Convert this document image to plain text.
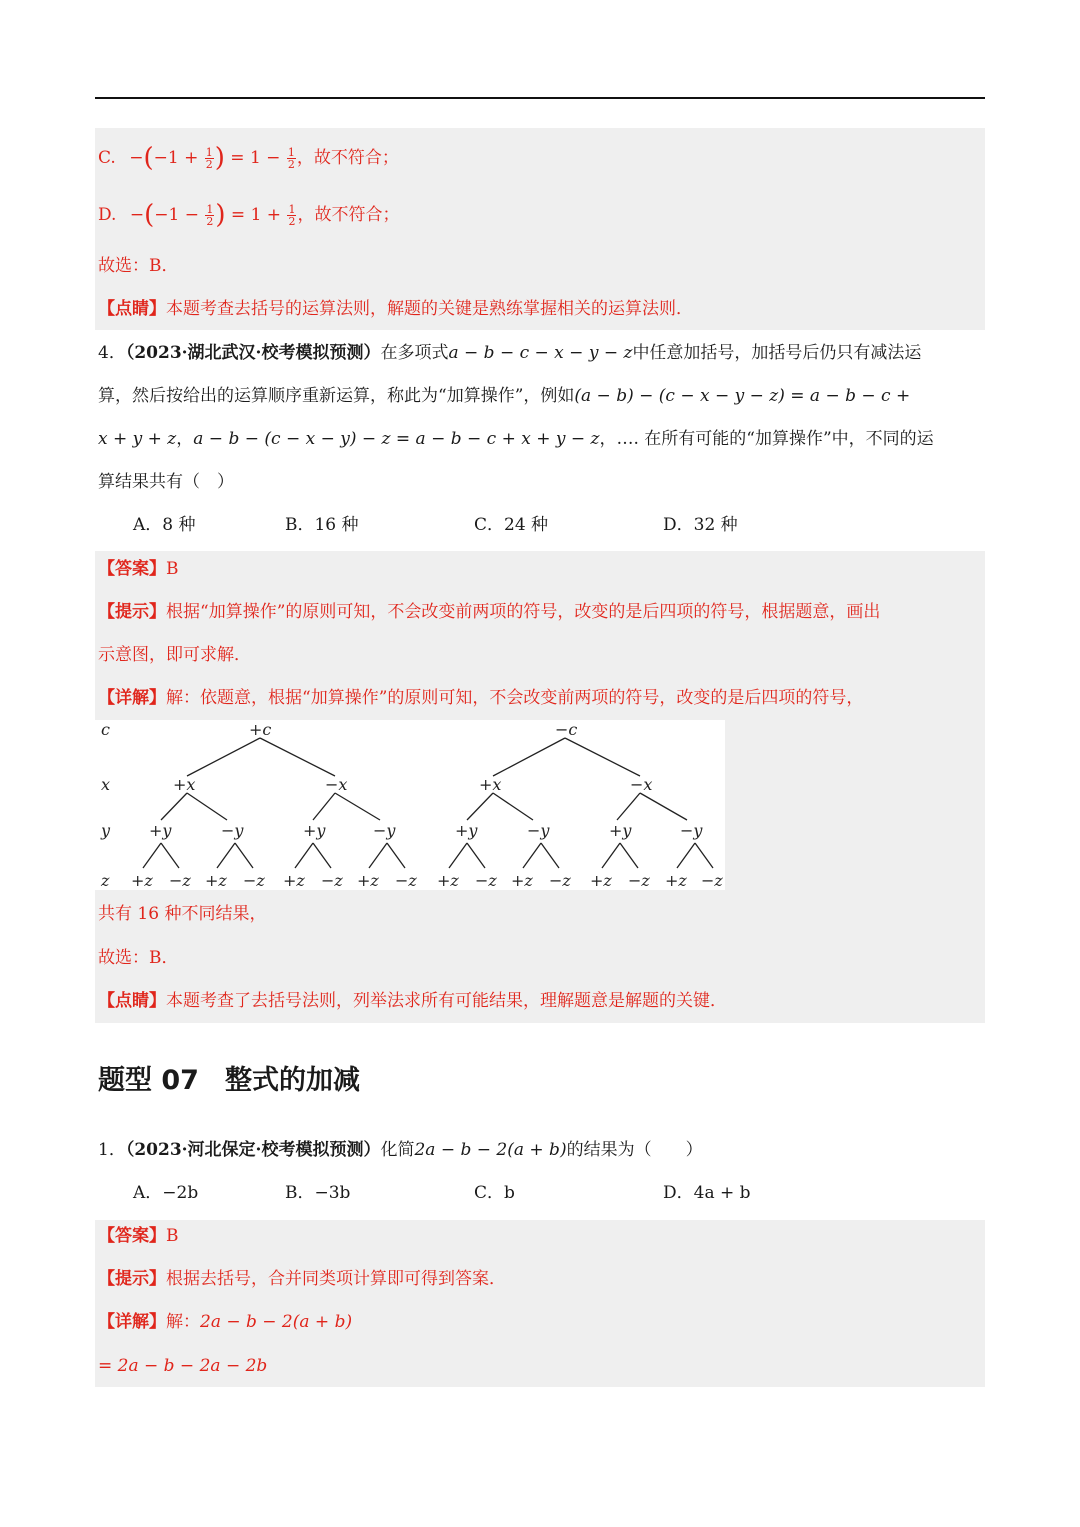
C. $-(-1 + \frac{1}{2}$ ) = $1 - \frac{1}{2}$ ，故不符合；
D. $-(-1 - \frac{1}{2}$ ) = $1 + \frac{1}{2}$ ，故不符合；
故选：B．
【点睛】本题考查去括号的运算法则，解题的关键是熟练掌握相关的运算法则．
4．（2023·湖北武汉·校考模拟预测）在多项式a − b − c − x − y − z中任意加括号，加括号后仍只有减法运
算，然后按给出的运算顺序重新运算，称此为“加算操作”，例如(a − b) − (c − x − y − z) = a − b − c +
x + y + z，a − b − (c − x − y) − z = a − b − c + x + y − z，…. 在所有可能的“加算操作”中，不同的运
算结果共有（　）
A．8 种	B．16 种	C．24 种	D．32 种
【答案】B
【提示】根据“加算操作”的原则可知，不会改变前两项的符号，改变的是后四项的符号，根据题意，画出
示意图，即可求解．
【详解】解：依题意，根据“加算操作”的原则可知，不会改变前两项的符号，改变的是后四项的符号，
c
x
y
z
+c	−c
+x	−x	+x	−x
+y	−y	+y	−y	+y	−y	+y	−y
+z −z +z −z +z −z +z −z +z −z +z −z +z −z +z −z
共有 16 种不同结果，
故选：B．
【点睛】本题考查了去括号法则，列举法求所有可能结果，理解题意是解题的关键．
题型 07 整式的加减
1．（2023·河北保定·校考模拟预测）化简2a − b − 2(a + b)的结果为（　　）
A．−2b	B．−3b	C．b	D．4a + b
【答案】B
【提示】根据去括号，合并同类项计算即可得到答案．
【详解】解：2a − b − 2(a + b)
= 2a − b − 2a − 2b
